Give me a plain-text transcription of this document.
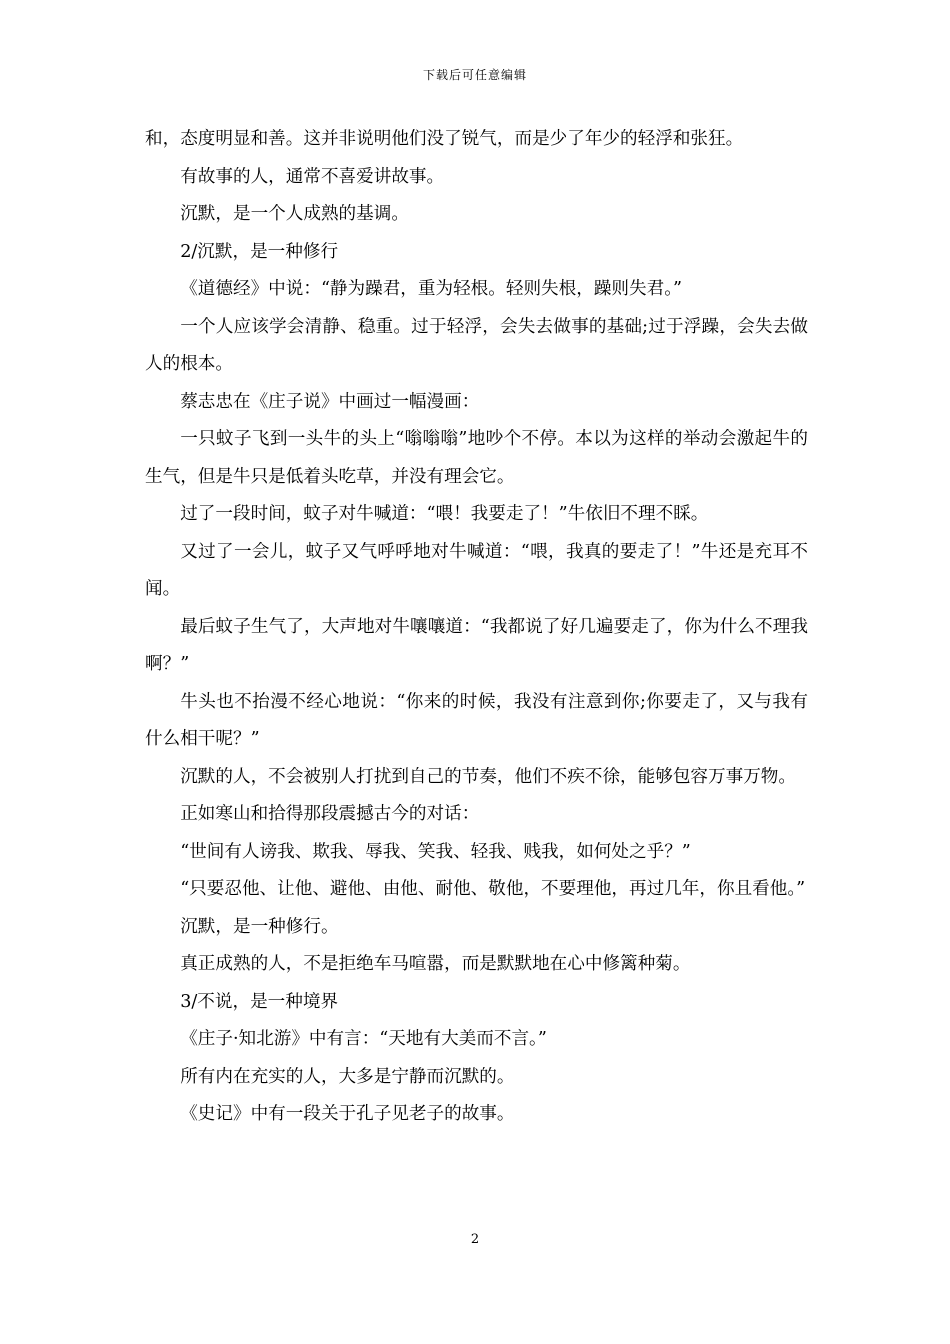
下载后可任意编辑

和，态度明显和善。这并非说明他们没了锐气，而是少了年少的轻浮和张狂。

有故事的人，通常不喜爱讲故事。

沉默，是一个人成熟的基调。

2/沉默，是一种修行

《道德经》中说：“静为躁君，重为轻根。轻则失根，躁则失君。”

一个人应该学会清静、稳重。过于轻浮，会失去做事的基础;过于浮躁，会失去做人的根本。

蔡志忠在《庄子说》中画过一幅漫画：

一只蚊子飞到一头牛的头上“嗡嗡嗡”地吵个不停。本以为这样的举动会激起牛的生气，但是牛只是低着头吃草，并没有理会它。

过了一段时间，蚊子对牛喊道：“喂！我要走了！”牛依旧不理不睬。

又过了一会儿，蚊子又气呼呼地对牛喊道：“喂，我真的要走了！”牛还是充耳不闻。

最后蚊子生气了，大声地对牛嚷嚷道：“我都说了好几遍要走了，你为什么不理我啊？”

牛头也不抬漫不经心地说：“你来的时候，我没有注意到你;你要走了，又与我有什么相干呢？”

沉默的人，不会被别人打扰到自己的节奏，他们不疾不徐，能够包容万事万物。

正如寒山和拾得那段震撼古今的对话：

“世间有人谤我、欺我、辱我、笑我、轻我、贱我，如何处之乎？”

“只要忍他、让他、避他、由他、耐他、敬他，不要理他，再过几年，你且看他。”

沉默，是一种修行。

真正成熟的人，不是拒绝车马喧嚣，而是默默地在心中修篱种菊。

3/不说，是一种境界

《庄子·知北游》中有言：“天地有大美而不言。”

所有内在充实的人，大多是宁静而沉默的。

《史记》中有一段关于孔子见老子的故事。

2
